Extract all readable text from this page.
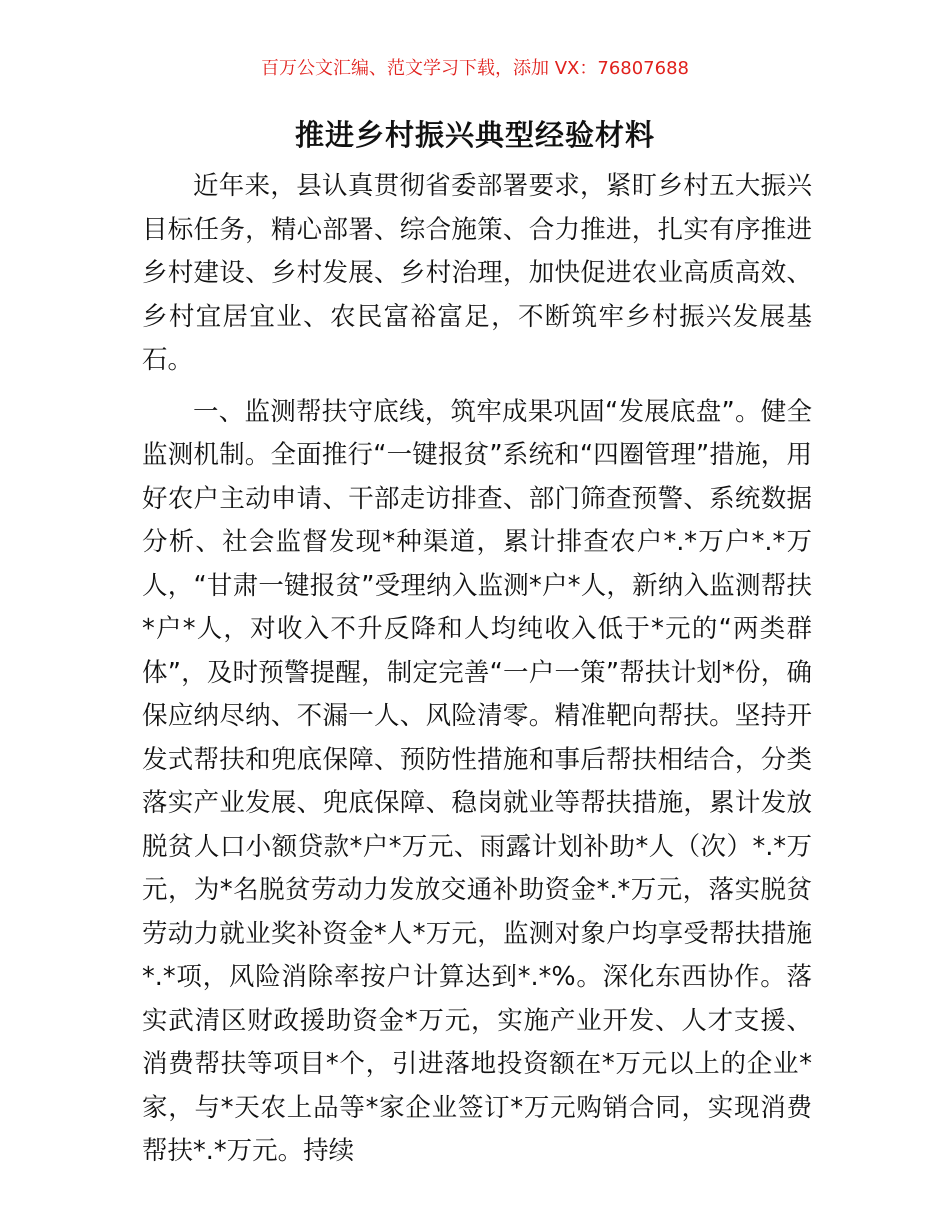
百万公文汇编、范文学习下载，添加 VX：76807688
推进乡村振兴典型经验材料

近年来，县认真贯彻省委部署要求，紧盯乡村五大振兴目标任务，精心部署、综合施策、合力推进，扎实有序推进乡村建设、乡村发展、乡村治理，加快促进农业高质高效、乡村宜居宜业、农民富裕富足，不断筑牢乡村振兴发展基石。

一、监测帮扶守底线，筑牢成果巩固“发展底盘”。健全监测机制。全面推行“一键报贫”系统和“四圈管理”措施，用好农户主动申请、干部走访排查、部门筛查预警、系统数据分析、社会监督发现*种渠道，累计排查农户*.*万户*.*万人，“甘肃一键报贫”受理纳入监测*户*人，新纳入监测帮扶*户*人，对收入不升反降和人均纯收入低于*元的“两类群体”，及时预警提醒，制定完善“一户一策”帮扶计划*份，确保应纳尽纳、不漏一人、风险清零。精准靶向帮扶。坚持开发式帮扶和兜底保障、预防性措施和事后帮扶相结合，分类落实产业发展、兜底保障、稳岗就业等帮扶措施，累计发放脱贫人口小额贷款*户*万元、雨露计划补助*人（次）*.*万元，为*名脱贫劳动力发放交通补助资金*.*万元，落实脱贫劳动力就业奖补资金*人*万元，监测对象户均享受帮扶措施*.*项，风险消除率按户计算达到*.*%。深化东西协作。落实武清区财政援助资金*万元，实施产业开发、人才支援、消费帮扶等项目*个，引进落地投资额在*万元以上的企业*家，与*天农上品等*家企业签订*万元购销合同，实现消费帮扶*.*万元。持续
